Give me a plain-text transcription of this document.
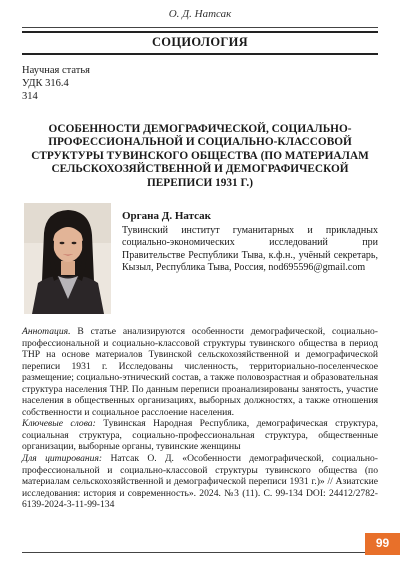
О. Д. Натсак
СОЦИОЛОГИЯ
Научная статья
УДК 316.4
314
ОСОБЕННОСТИ ДЕМОГРАФИЧЕСКОЙ, СОЦИАЛЬНО-ПРОФЕССИОНАЛЬНОЙ И СОЦИАЛЬНО-КЛАССОВОЙ СТРУКТУРЫ ТУВИНСКОГО ОБЩЕСТВА (ПО МАТЕРИАЛАМ СЕЛЬСКОХОЗЯЙСТВЕННОЙ И ДЕМОГРАФИЧЕСКОЙ ПЕРЕПИСИ 1931 Г.)
Органа Д. Натсак
Тувинский институт гуманитарных и прикладных социально-экономических исследований при Правительстве Республики Тыва, к.ф.н., учёный секретарь, Кызыл, Республика Тыва, Россия, nod695596@gmail.com

Аннотация. В статье анализируются особенности демографической, социально-профессиональной и социально-классовой структуры тувинского общества в период ТНР на основе материалов Тувинской сельскохозяйственной и демографической переписи 1931 г. Исследованы численность, территориально-поселенческое размещение; социально-этнический состав, а также половозрастная и образовательная структура населения ТНР. По данным переписи проанализированы занятость, участие населения в общественных организациях, выборных должностях, а также отношения собственности и социальное расслоение населения.

Ключевые слова: Тувинская Народная Республика, демографическая структура, социальная структура, социально-профессиональная структура, общественные организации, выборные органы, тувинские женщины

Для цитирования: Натсак О. Д. «Особенности демографической, социально-профессиональной и социально-классовой структуры тувинского общества (по материалам сельскохозяйственной и демографической переписи 1931 г.)» // Азиатские исследования: история и современность». 2024. №3 (11). С. 99-134 DOI: 24412/2782-6139-2024-3-11-99-134

99
